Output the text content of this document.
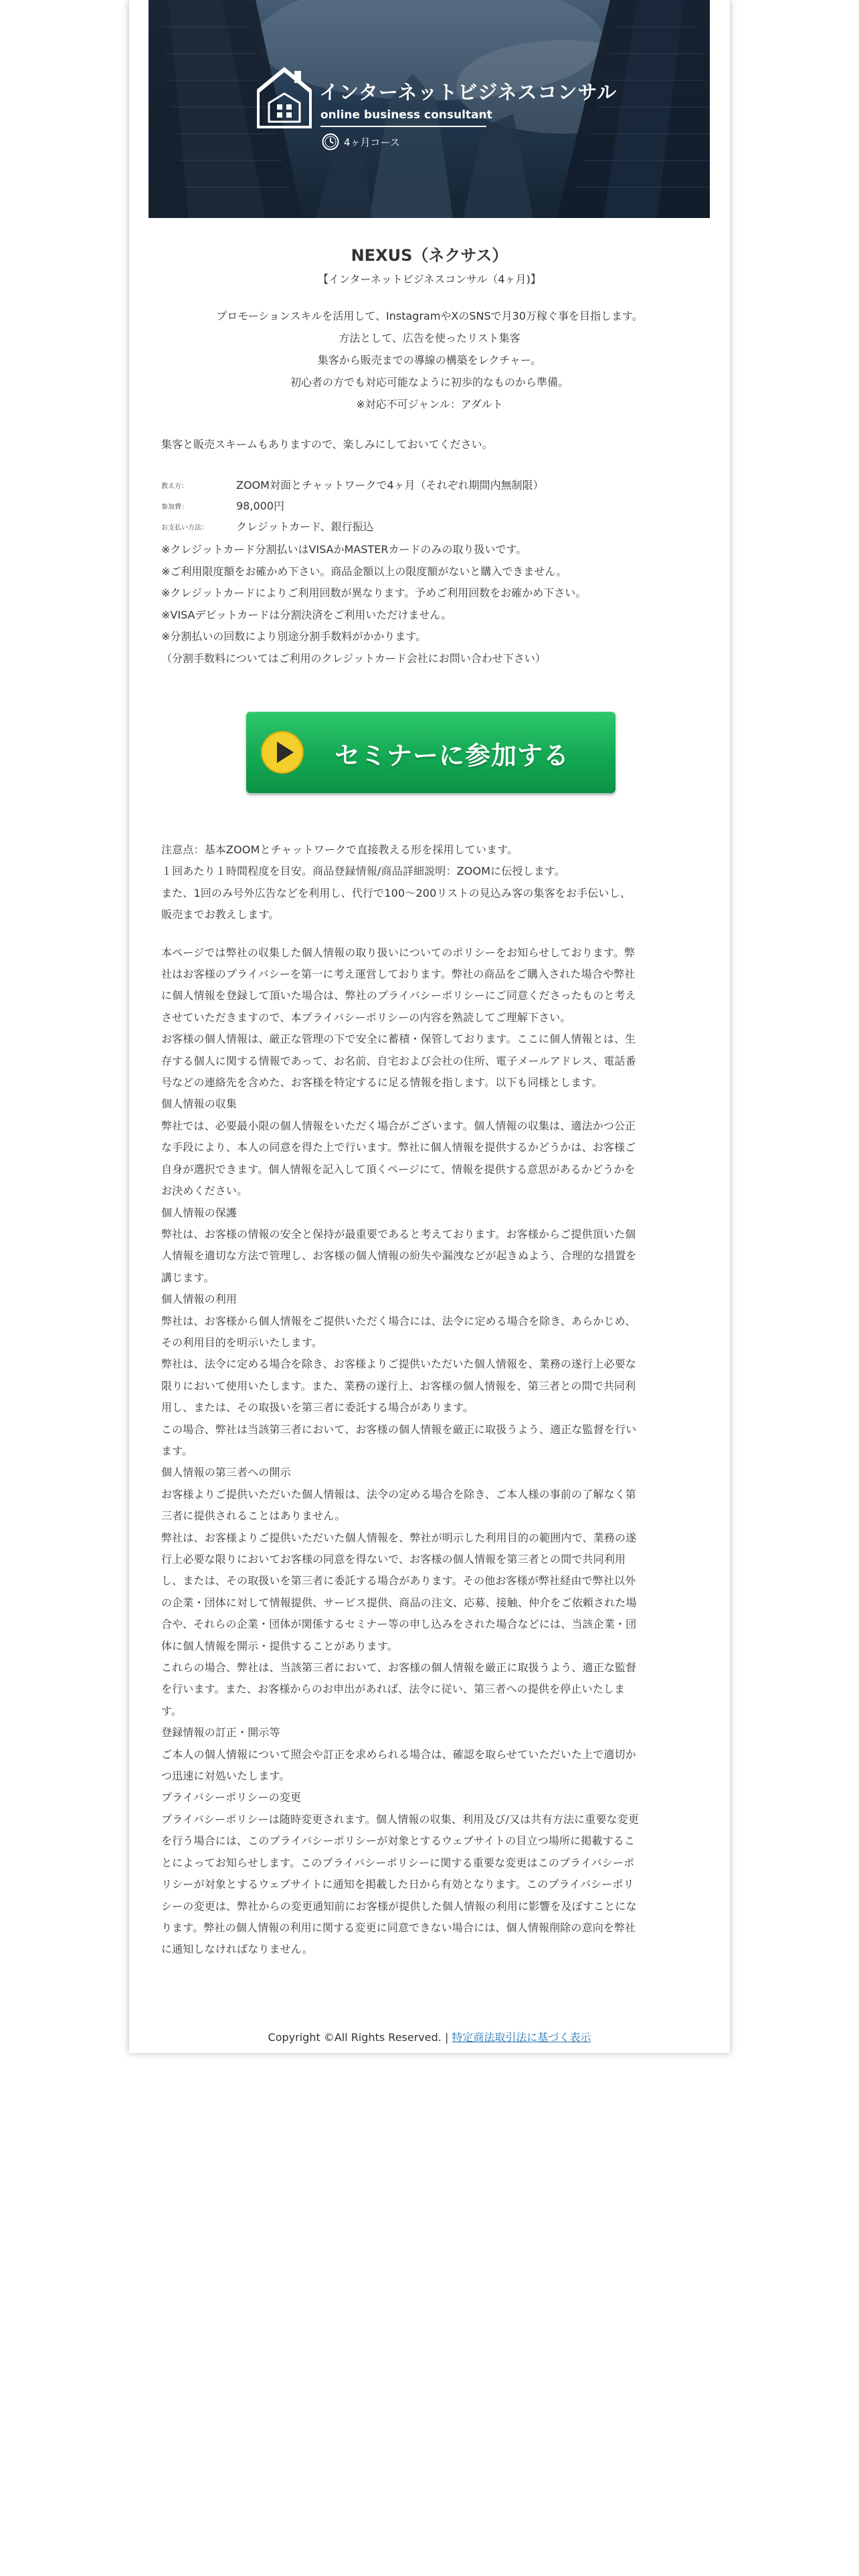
インターネットビジネスコンサル
online business consultant
4ヶ月コース
NEXUS（ネクサス）
【インターネットビジネスコンサル（4ヶ月)】
プロモーションスキルを活用して、InstagramやXのSNSで月30万稼ぐ事を目指します。
方法として、広告を使ったリスト集客
集客から販売までの導線の構築をレクチャー。
初心者の方でも対応可能なように初歩的なものから準備。
※対応不可ジャンル：アダルト
集客と販売スキームもありますので、楽しみにしておいてください。
教え方：	ZOOM対面とチャットワークで4ヶ月（それぞれ期間内無制限）
参加費：	98,000円
お支払い方法：	クレジットカード、銀行振込
※クレジットカード分割払いはVISAかMASTERカードのみの取り扱いです。
※ご利用限度額をお確かめ下さい。商品金額以上の限度額がないと購入できません。
※クレジットカードによりご利用回数が異なります。予めご利用回数をお確かめ下さい。
※VISAデビットカードは分割決済をご利用いただけません。
※分割払いの回数により別途分割手数料がかかります。
（分割手数料についてはご利用のクレジットカード会社にお問い合わせ下さい）
セミナーに参加する
注意点：基本ZOOMとチャットワークで直接教える形を採用しています。
１回あたり１時間程度を目安。商品登録情報/商品詳細説明：ZOOMに伝授します。
また、1回のみ号外広告などを利用し、代行で100〜200リストの見込み客の集客をお手伝いし、
販売までお教えします。
本ページでは弊社の収集した個人情報の取り扱いについてのポリシーをお知らせしております。弊
社はお客様のプライバシーを第一に考え運営しております。弊社の商品をご購入された場合や弊社
に個人情報を登録して頂いた場合は、弊社のプライバシーポリシーにご同意くださったものと考え
させていただきますので、本プライバシーポリシーの内容を熟読してご理解下さい。
お客様の個人情報は、厳正な管理の下で安全に蓄積・保管しております。ここに個人情報とは、生
存する個人に関する情報であって、お名前、自宅および会社の住所、電子メールアドレス、電話番
号などの連絡先を含めた、お客様を特定するに足る情報を指します。以下も同様とします。
個人情報の収集
弊社では、必要最小限の個人情報をいただく場合がございます。個人情報の収集は、適法かつ公正
な手段により、本人の同意を得た上で行います。弊社に個人情報を提供するかどうかは、お客様ご
自身が選択できます。個人情報を記入して頂くページにて、情報を提供する意思があるかどうかを
お決めください。
個人情報の保護
弊社は、お客様の情報の安全と保持が最重要であると考えております。お客様からご提供頂いた個
人情報を適切な方法で管理し、お客様の個人情報の紛失や漏洩などが起きぬよう、合理的な措置を
講じます。
個人情報の利用
弊社は、お客様から個人情報をご提供いただく場合には、法令に定める場合を除き、あらかじめ、
その利用目的を明示いたします。
弊社は、法令に定める場合を除き、お客様よりご提供いただいた個人情報を、業務の遂行上必要な
限りにおいて使用いたします。また、業務の遂行上、お客様の個人情報を、第三者との間で共同利
用し、または、その取扱いを第三者に委託する場合があります。
この場合、弊社は当該第三者において、お客様の個人情報を厳正に取扱うよう、適正な監督を行い
ます。
個人情報の第三者への開示
お客様よりご提供いただいた個人情報は、法令の定める場合を除き、ご本人様の事前の了解なく第
三者に提供されることはありません。
弊社は、お客様よりご提供いただいた個人情報を、弊社が明示した利用目的の範囲内で、業務の遂
行上必要な限りにおいてお客様の同意を得ないで、お客様の個人情報を第三者との間で共同利用
し、または、その取扱いを第三者に委託する場合があります。その他お客様が弊社経由で弊社以外
の企業・団体に対して情報提供、サービス提供、商品の注文、応募、接触、仲介をご依頼された場
合や、それらの企業・団体が関係するセミナー等の申し込みをされた場合などには、当該企業・団
体に個人情報を開示・提供することがあります。
これらの場合、弊社は、当該第三者において、お客様の個人情報を厳正に取扱うよう、適正な監督
を行います。また、お客様からのお申出があれば、法令に従い、第三者への提供を停止いたしま
す。
登録情報の訂正・開示等
ご本人の個人情報について照会や訂正を求められる場合は、確認を取らせていただいた上で適切か
つ迅速に対処いたします。
プライバシーポリシーの変更
プライバシーポリシーは随時変更されます。個人情報の収集、利用及び/又は共有方法に重要な変更
を行う場合には、このプライバシーポリシーが対象とするウェブサイトの目立つ場所に掲載するこ
とによってお知らせします。このプライバシーポリシーに関する重要な変更はこのプライバシーポ
リシーが対象とするウェブサイトに通知を掲載した日から有効となります。このプライバシーポリ
シーの変更は、弊社からの変更通知前にお客様が提供した個人情報の利用に影響を及ぼすことにな
ります。弊社の個人情報の利用に関する変更に同意できない場合には、個人情報削除の意向を弊社
に通知しなければなりません。
Copyright ©All Rights Reserved. | 特定商法取引法に基づく表示
